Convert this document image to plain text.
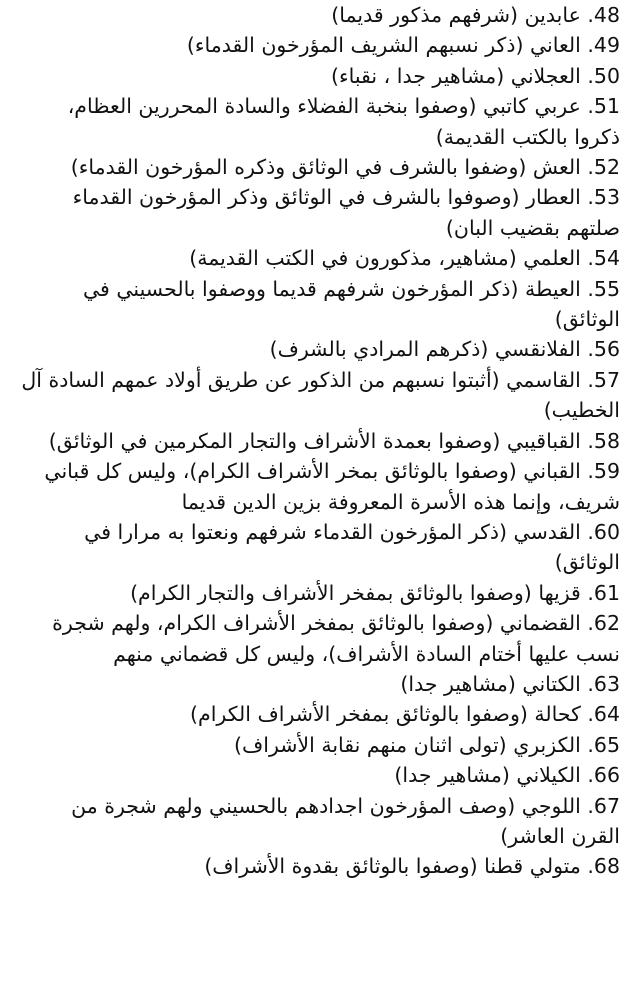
48. عابدين (شرفهم مذكور قديما)

49. العاني (ذكر نسبهم الشريف المؤرخون القدماء)

50. العجلاني (مشاهير جدا ، نقباء)

51. عربي كاتبي (وصفوا بنخبة الفضلاء والسادة المحررين العظام، ذكروا بالكتب القديمة)

52. العش (وضفوا بالشرف في الوثائق وذكره المؤرخون القدماء)

53. العطار (وصوفوا بالشرف في الوثائق وذكر المؤرخون القدماء صلتهم بقضيب البان)

54. العلمي (مشاهير، مذكورون في الكتب القديمة)

55. العيطة (ذكر المؤرخون شرفهم قديما ووصفوا بالحسيني في الوثائق)

56. الفلانقسي (ذكرهم المرادي بالشرف)

57. القاسمي (أثبتوا نسبهم من الذكور عن طريق أولاد عمهم السادة آل الخطيب)

58. القباقيبي (وصفوا بعمدة الأشراف والتجار المكرمين في الوثائق)

59. القباني (وصفوا بالوثائق بمخر الأشراف الكرام)، وليس كل قباني شريف، وإنما هذه الأسرة المعروفة بزين الدين قديما

60. القدسي (ذكر المؤرخون القدماء شرفهم ونعتوا به مرارا في الوثائق)

61. قزيها (وصفوا بالوثائق بمفخر الأشراف والتجار الكرام)

62. القضماني (وصفوا بالوثائق بمفخر الأشراف الكرام، ولهم شجرة نسب عليها أختام السادة الأشراف)، وليس كل قضماني منهم

63. الكتاني (مشاهير جدا)

64. كحالة (وصفوا بالوثائق بمفخر الأشراف الكرام)

65. الكزبري (تولى اثنان منهم نقابة الأشراف)

66. الكيلاني (مشاهير جدا)

67. اللوجي (وصف المؤرخون اجدادهم بالحسيني ولهم شجرة من القرن العاشر)

68. متولي قطنا (وصفوا بالوثائق بقدوة الأشراف)
